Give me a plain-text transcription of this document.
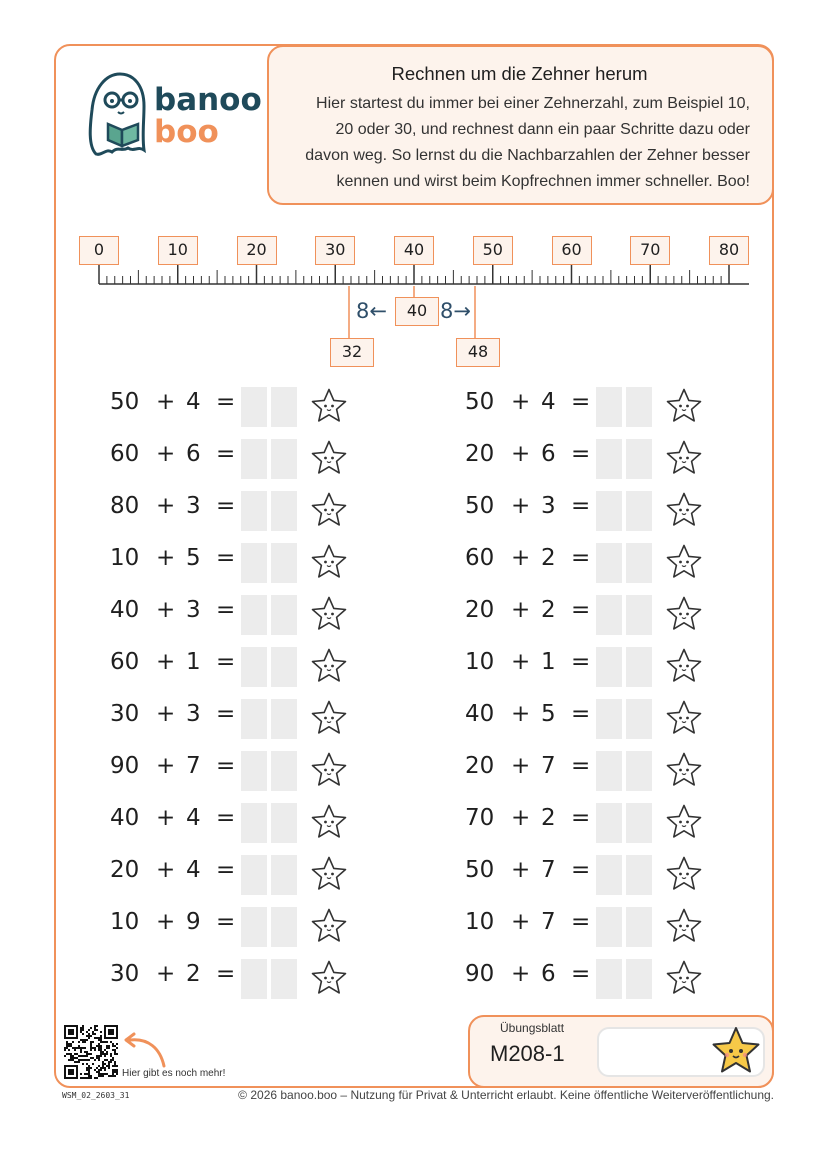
banoo
boo
Rechnen um die Zehner herum
Hier startest du immer bei einer Zehnerzahl, zum Beispiel 10,
20 oder 30, und rechnest dann ein paar Schritte dazu oder
davon weg. So lernst du die Nachbarzahlen der Zehner besser
kennen und wirst beim Kopfrechnen immer schneller. Boo!
0	10	20	30	40	50	60	70	80
40
8←	8→
32	48
50 + 4 =
60 + 6 =
80 + 3 =
10 + 5 =
40 + 3 =
60 + 1 =
30 + 3 =
90 + 7 =
40 + 4 =
20 + 4 =
10 + 9 =
30 + 2 =
50 + 4 =
20 + 6 =
50 + 3 =
60 + 2 =
20 + 2 =
10 + 1 =
40 + 5 =
20 + 7 =
70 + 2 =
50 + 7 =
10 + 7 =
90 + 6 =
Hier gibt es noch mehr!
Übungsblatt
M208-1
WSM_02_2603_31	© 2026 banoo.boo – Nutzung für Privat & Unterricht erlaubt. Keine öffentliche Weiterveröffentlichung.
